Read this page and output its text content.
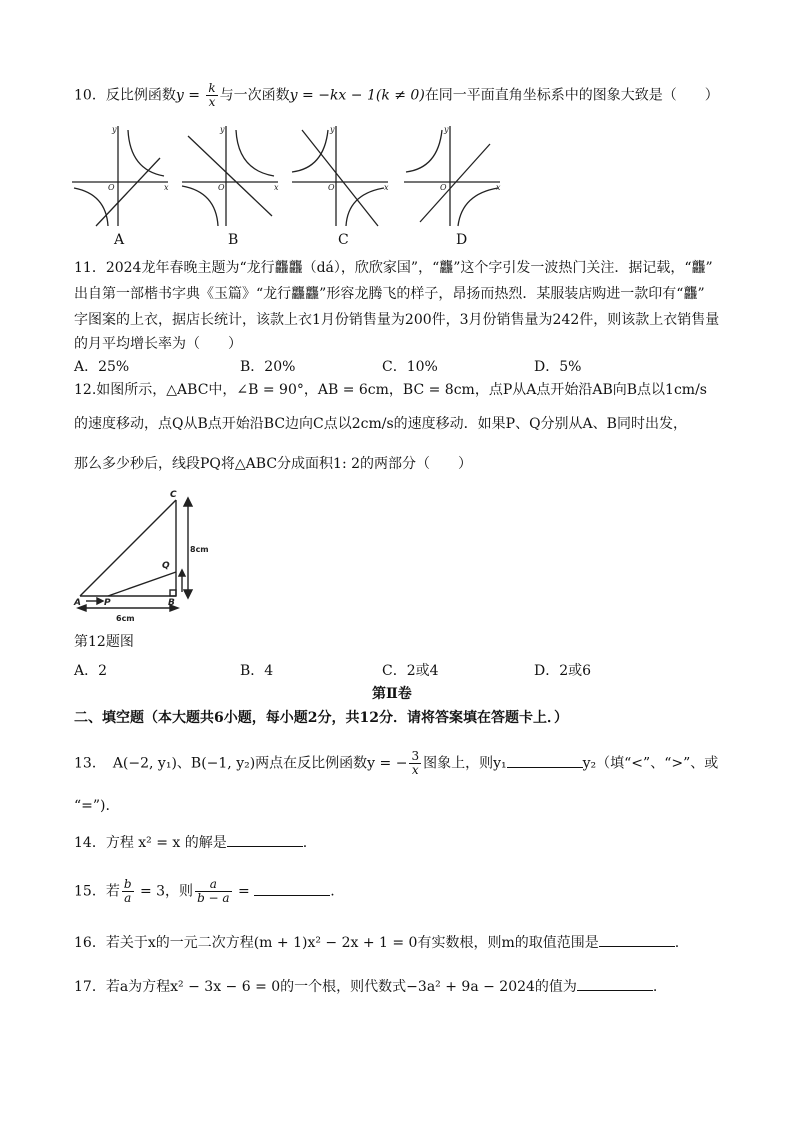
10．反比例函数$y = \frac{k}{x}$ 与一次函数y = −kx − 1(k ≠ 0)在同一平面直角坐标系中的图象大致是（　　）
y
x
O
y
x
O
y
x
O
y
x
O
A	B	C	D
11．2024龙年春晚主题为“龙行龘龘（dá），欣欣家国”，“龘”这个字引发一波热门关注．据记载，“龘”
出自第一部楷书字典《玉篇》“龙行龘龘”形容龙腾飞的样子，昂扬而热烈．某服装店购进一款印有“龘”
字图案的上衣，据店长统计，该款上衣1月份销售量为200件，3月份销售量为242件，则该款上衣销售量
的月平均增长率为（　　）
A．25%	B．20%	C．10%	D．5%
12.如图所示，△ABC中，∠B = 90°，AB = 6cm，BC = 8cm，点P从A点开始沿AB向B点以1cm/s
的速度移动，点Q从B点开始沿BC边向C点以2cm/s的速度移动．如果P、Q分别从A、B同时出发，
那么多少秒后，线段PQ将△ABC分成面积1: 2的两部分（　　）
C
Q
A	P	B
8cm
6cm
第12题图
A．2	B．4	C．2或4	D．2或6
第Ⅱ卷
二、填空题（本大题共6小题，每小题2分，共12分．请将答案填在答题卡上．）
13．　A(−2, y₁)、B(−1, y₂)两点在反比例函数y = − $\frac{3}{x}$ 图象上，则y₁	y₂（填“<”、“>”、或
“=”).
14．方程 x² = x 的解是	.
15．若 $\frac{b}{a} = 3$，则 $\frac{a}{b - a}$ =	.
16．若关于x的一元二次方程(m + 1)x² − 2x + 1 = 0有实数根，则m的取值范围是	.
17．若a为方程x² − 3x − 6 = 0的一个根，则代数式−3a² + 9a − 2024的值为	.
